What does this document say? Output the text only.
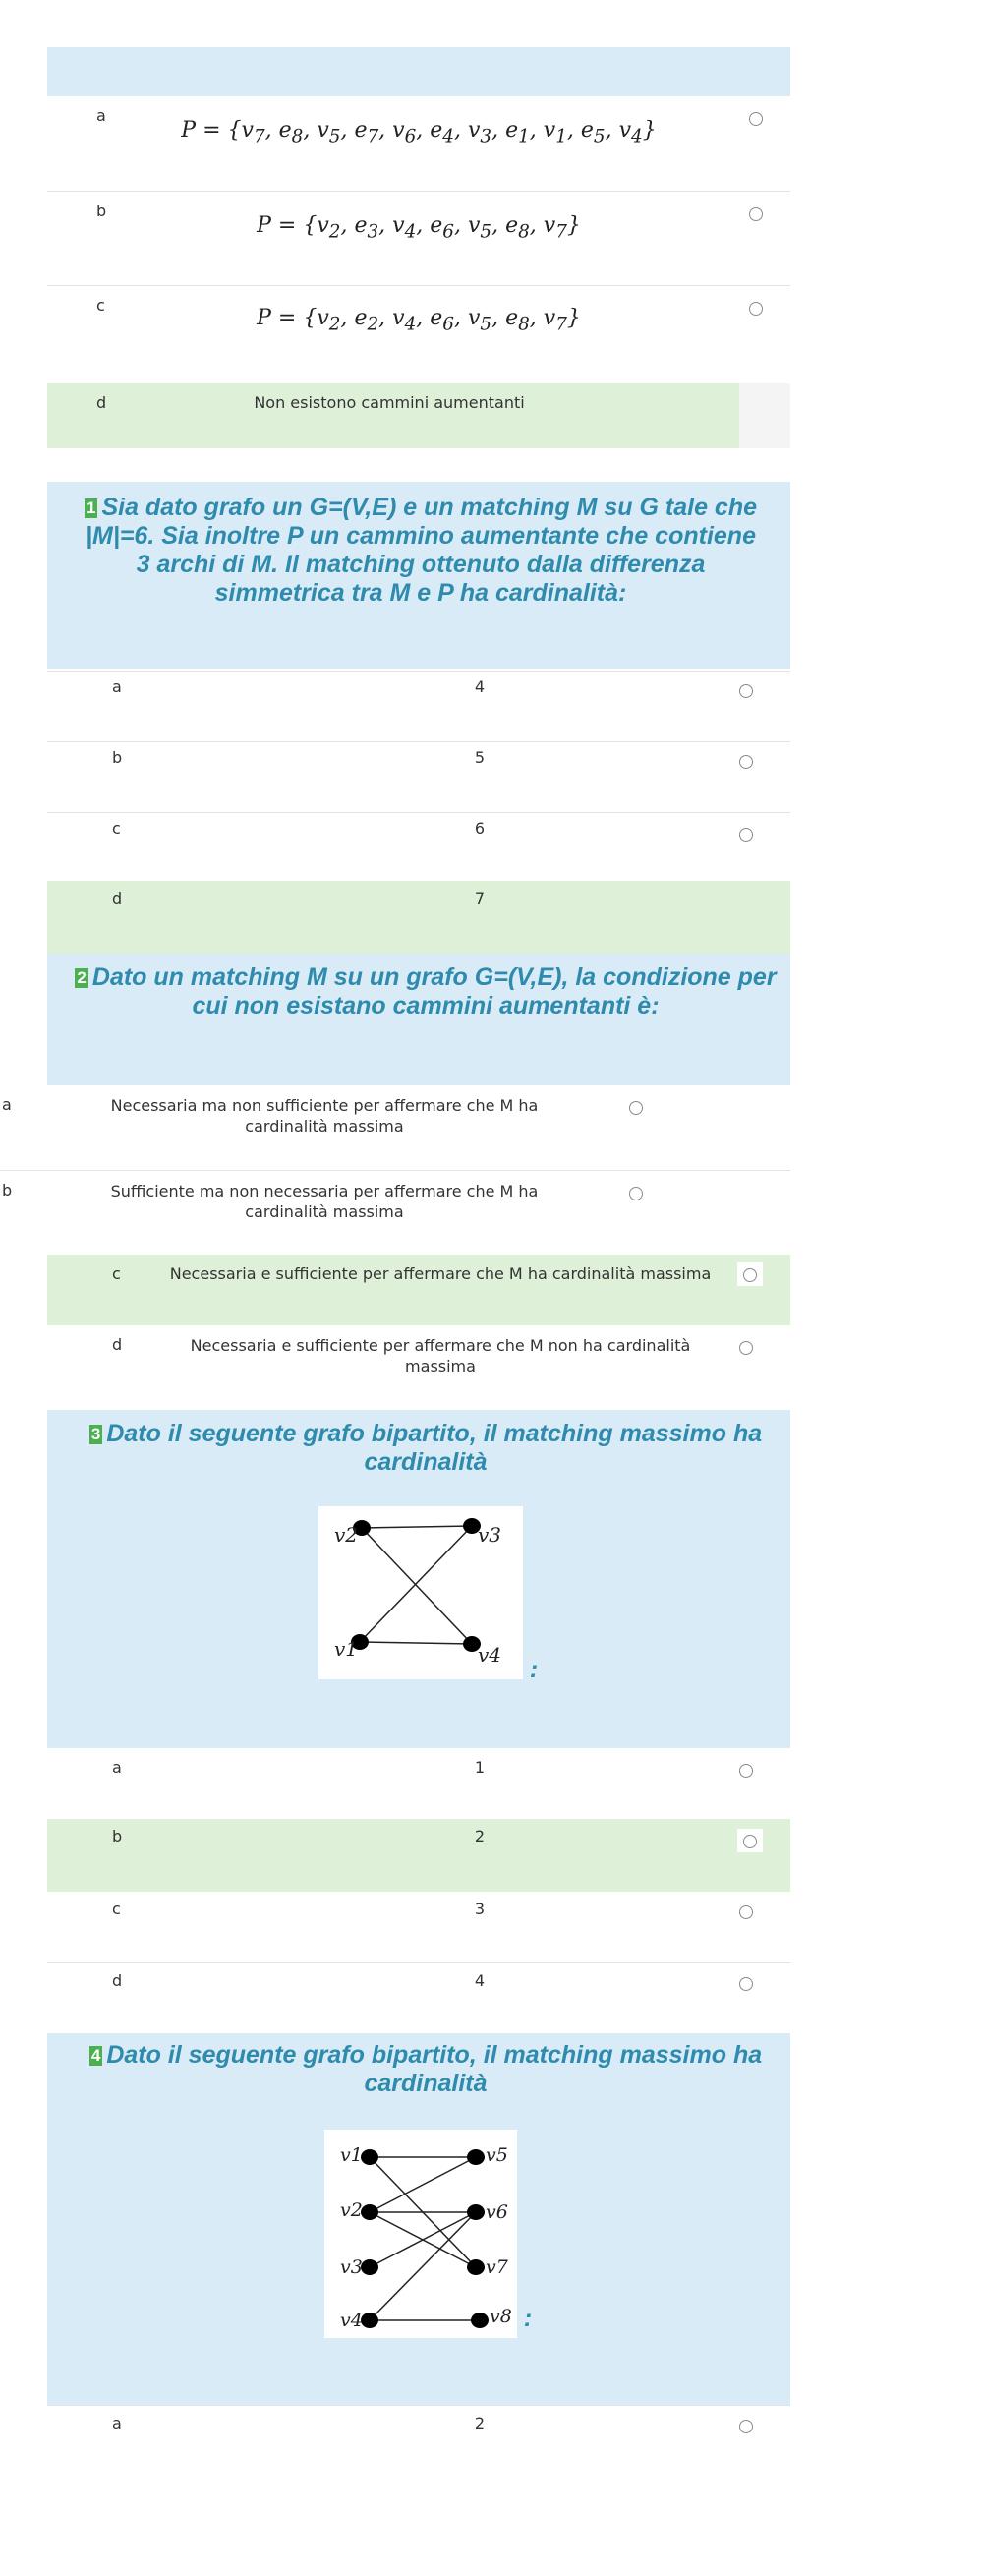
a
$P = \{v_7$, $e_8$, $v_5$, $e_7$, $v_6$, $e_4$, $v_3$, $e_1$, $v_1$, $e_5$, $v_4$}
b
$P = \{v_2$, $e_3$, $v_4$, $e_6$, $v_5$, $e_8$, $v_7$}
c
$P = \{v_2$, $e_2$, $v_4$, $e_6$, $v_5$, $e_8$, $v_7$}
d	Non esistono cammini aumentanti
1 Sia dato grafo un G=(V,E) e un matching M su G tale che |M|=6. Sia inoltre P un cammino aumentante che contiene 3 archi di M. Il matching ottenuto dalla differenza simmetrica tra M e P ha cardinalità:
a	4
b	5
c	6
d	7
2 Dato un matching M su un grafo G=(V,E), la condizione per cui non esistano cammini aumentanti è:
a	Necessaria ma non sufficiente per affermare che M ha cardinalità massima
b	Sufficiente ma non necessaria per affermare che M ha cardinalità massima
c	Necessaria e sufficiente per affermare che M ha cardinalità massima
d	Necessaria e sufficiente per affermare che M non ha cardinalità massima
3 Dato il seguente grafo bipartito, il matching massimo ha cardinalità
v2	v3
v1	v4
:
a	1
b	2
c	3
d	4
4 Dato il seguente grafo bipartito, il matching massimo ha cardinalità
v1
v2
v3
v4
v5
v6
v7
v8 :
a	2
